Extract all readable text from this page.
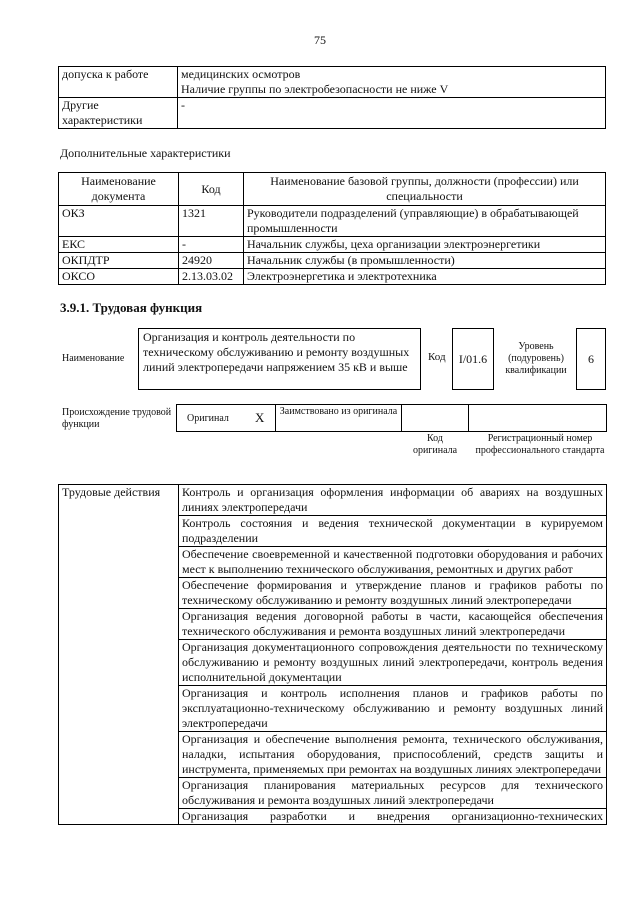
75
допуска к работе	медицинских осмотров
Наличие группы по электробезопасности не ниже V

Другие характеристики	-
Дополнительные характеристики
Наименование документа	Код	Наименование базовой группы, должности (профессии) или специальности
ОКЗ	1321	Руководители подразделений (управляющие) в обрабатывающей промышленности
ЕКС	-	Начальник службы, цеха организации электроэнергетики
ОКПДТР	24920	Начальник службы (в промышленности)
ОКСО	2.13.03.02	Электроэнергетика и электротехника
3.9.1. Трудовая функция
Наименование
Организация и контроль деятельности по техническому обслуживанию и ремонту воздушных линий электропередачи напряжением 35 кВ и выше
Код	I/01.6
Уровень (подуровень) квалификации
6
Происхождение трудовой функции
Оригинал X	Заимствовано из оригинала
Код оригинала
Регистрационный номер профессионального стандарта
Трудовые действия	Контроль и организация оформления информации об авариях на воздушных линиях электропередачи
Контроль состояния и ведения технической документации в курируемом подразделении
Обеспечение своевременной и качественной подготовки оборудования и рабочих мест к выполнению технического обслуживания, ремонтных и других работ
Обеспечение формирования и утверждение планов и графиков работы по техническому обслуживанию и ремонту воздушных линий электропередачи
Организация ведения договорной работы в части, касающейся обеспечения технического обслуживания и ремонта воздушных линий электропередачи
Организация документационного сопровождения деятельности по техническому обслуживанию и ремонту воздушных линий электропередачи, контроль ведения исполнительной документации
Организация и контроль исполнения планов и графиков работы по эксплуатационно-техническому обслуживанию и ремонту воздушных линий электропередачи
Организация и обеспечение выполнения ремонта, технического обслуживания, наладки, испытания оборудования, приспособлений, средств защиты и инструмента, применяемых при ремонтах на воздушных линиях электропередачи
Организация планирования материальных ресурсов для технического обслуживания и ремонта воздушных линий электропередачи
Организация разработки и внедрения организационно-технических
